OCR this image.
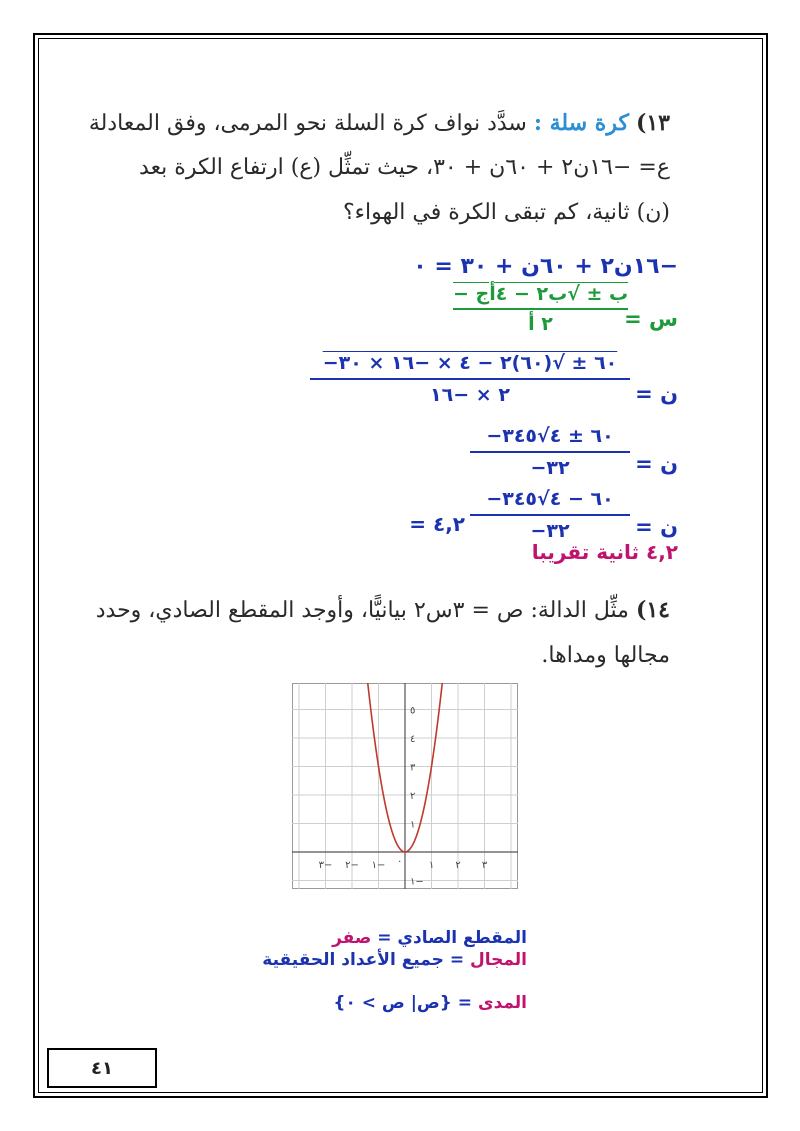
١٣) كرة سلة : سدَّد نواف كرة السلة نحو المرمى، وفق المعادلة
ع= −١٦ن٢ + ٦٠ن + ٣٠، حيث تمثِّل (ع) ارتفاع الكرة بعد
(ن) ثانية، كم تبقى الكرة في الهواء؟
−١٦ن٢ + ٦٠ن + ٣٠ = ٠
س =
− ب ± √ب٢ − ٤أج
٢ أ
ن =
−٦٠ ± √(٦٠)٢ − ٤ × −١٦ × ٣٠
٢ × −١٦
ن =
−٦٠ ± ٤√٣٤٥
−٣٢
ن =
−٦٠ − ٤√٣٤٥
−٣٢
= ٤,٢
٤,٢ ثانية تقريبا
١٤) مثِّل الدالة: ص = ٣س٢ بيانيًّا، وأوجد المقطع الصادي، وحدد
مجالها ومداها.
٣
٢
١
١−
٢−
٣−
٥
٤
٣
٢
١
١−
٠
المقطع الصادي = صفر
المجال = جميع الأعداد الحقيقية
المدى = {ص| ص > ٠}
٤١
